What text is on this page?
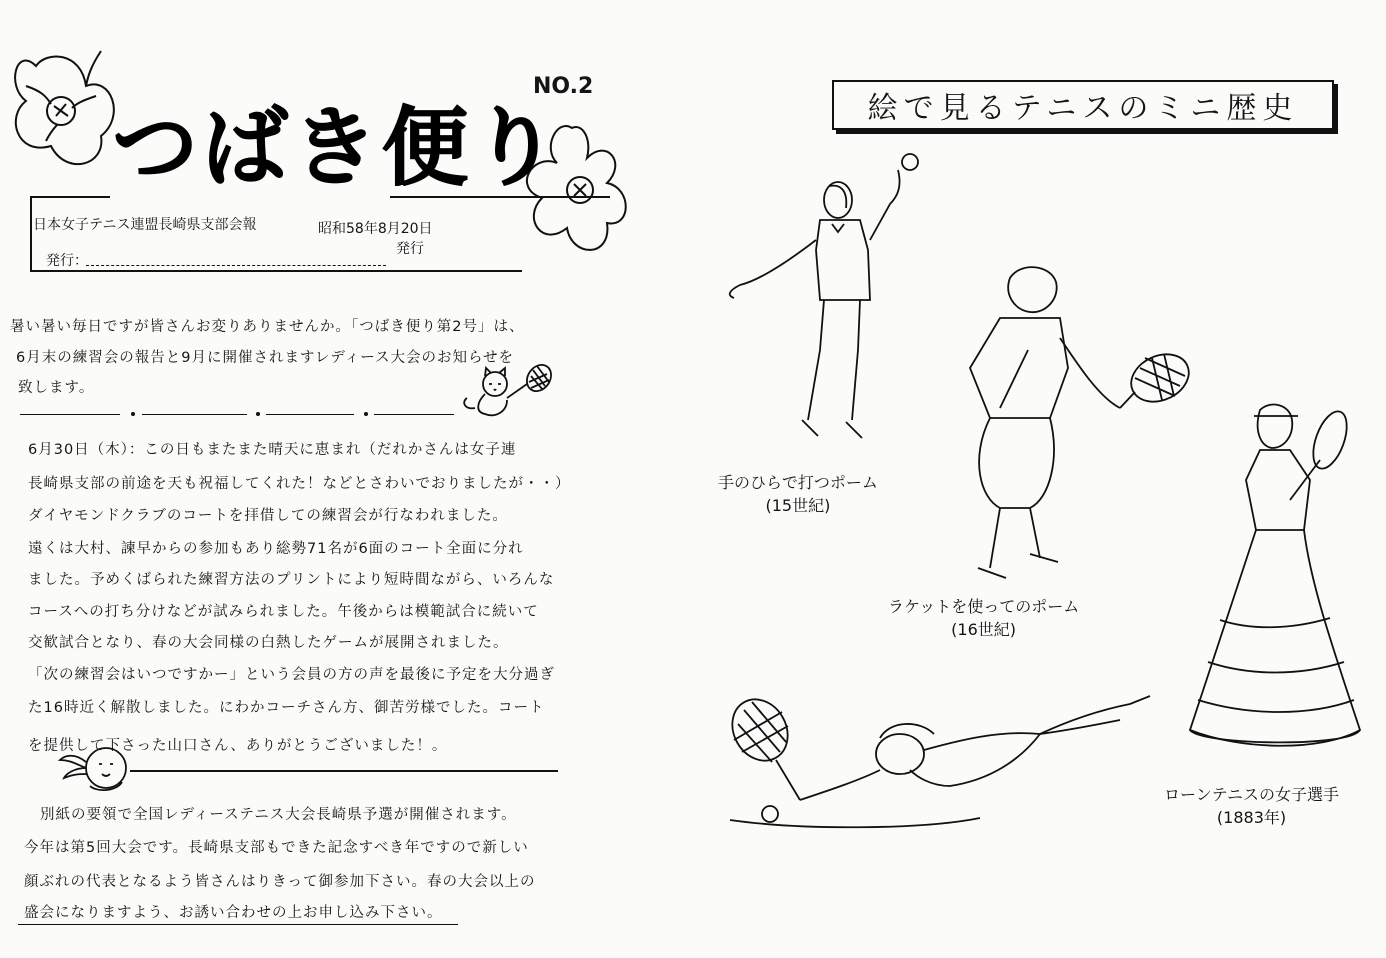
つばき便り
NO.2
日本女子テニス連盟長崎県支部会報	昭和58年8月20日
発行
発行：
暑い暑い毎日ですが皆さんお変りありませんか。「つばき便り第2号」は、
6月末の練習会の報告と9月に開催されますレディース大会のお知らせを
致します。
6月30日（木）：この日もまたまた晴天に恵まれ（だれかさんは女子連
長崎県支部の前途を天も祝福してくれた！などとさわいでおりましたが・・）
ダイヤモンドクラブのコートを拝借しての練習会が行なわれました。
遠くは大村、諫早からの参加もあり総勢71名が6面のコート全面に分れ
ました。予めくばられた練習方法のプリントにより短時間ながら、いろんな
コースへの打ち分けなどが試みられました。午後からは模範試合に続いて
交歓試合となり、春の大会同様の白熱したゲームが展開されました。
「次の練習会はいつですかー」という会員の方の声を最後に予定を大分過ぎ
た16時近く解散しました。にわかコーチさん方、御苦労様でした。コート
を提供して下さった山口さん、ありがとうございました！。
別紙の要領で全国レディーステニス大会長崎県予選が開催されます。
今年は第5回大会です。長崎県支部もできた記念すべき年ですので新しい
顔ぶれの代表となるよう皆さんはりきって御参加下さい。春の大会以上の
盛会になりますよう、お誘い合わせの上お申し込み下さい。
絵で見るテニスのミニ歴史
手のひらで打つポーム
(15世紀)
ラケットを使ってのポーム
(16世紀)
ローンテニスの女子選手
(1883年)
